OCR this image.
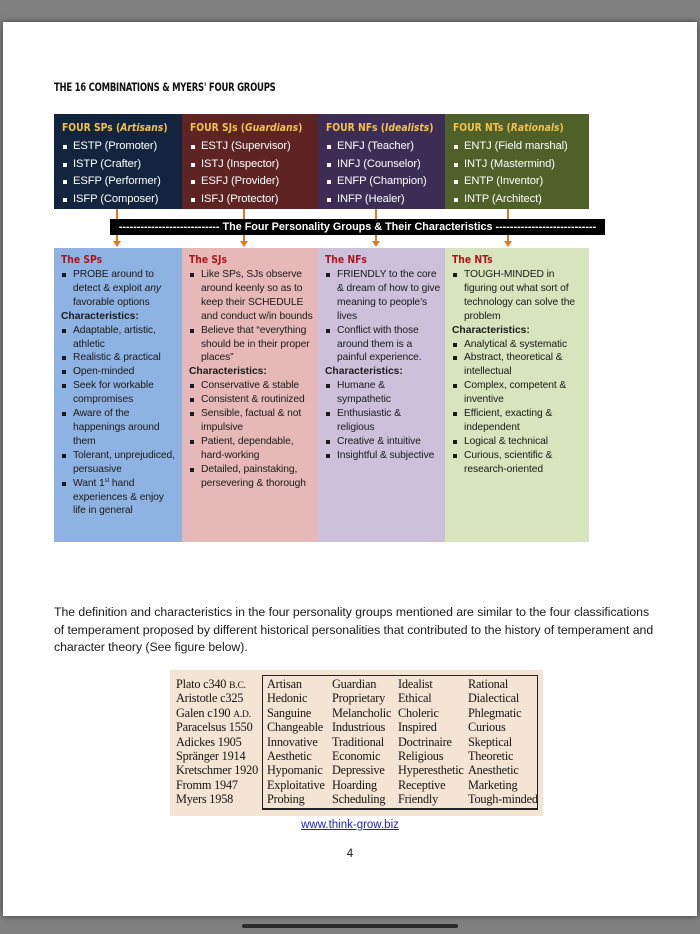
THE 16 COMBINATIONS & MYERS' FOUR GROUPS
FOUR SPs (Artisans)
ESTP (Promoter)
ISTP (Crafter)
ESFP (Performer)
ISFP (Composer)
FOUR SJs (Guardians)
ESTJ (Supervisor)
ISTJ (Inspector)
ESFJ (Provider)
ISFJ (Protector)
FOUR NFs (Idealists)
ENFJ (Teacher)
INFJ (Counselor)
ENFP (Champion)
INFP (Healer)
FOUR NTs (Rationals)
ENTJ (Field marshal)
INTJ (Mastermind)
ENTP (Inventor)
INTP (Architect)
---------------------------- The Four Personality Groups & Their Characteristics ----------------------------
The SPs
PROBE around to detect & exploit any favorable options
Characteristics:
Adaptable, artistic, athletic
Realistic & practical
Open-minded
Seek for workable compromises
Aware of the happenings around them
Tolerant, unprejudiced, persuasive
Want 1st hand experiences & enjoy life in general
The SJs
Like SPs, SJs observe around keenly so as to keep their SCHEDULE and conduct w/in bounds
Believe that “everything should be in their proper places”
Characteristics:
Conservative & stable
Consistent & routinized
Sensible, factual & not impulsive
Patient, dependable, hard-working
Detailed, painstaking, persevering & thorough
The NFs
FRIENDLY to the core & dream of how to give meaning to people’s lives
Conflict with those around them is a painful experience.
Characteristics:
Humane & sympathetic
Enthusiastic & religious
Creative & intuitive
Insightful & subjective
The NTs
TOUGH-MINDED in figuring out what sort of technology can solve the problem
Characteristics:
Analytical & systematic
Abstract, theoretical & intellectual
Complex, competent & inventive
Efficient, exacting & independent
Logical & technical
Curious, scientific & research-oriented

The definition and characteristics in the four personality groups mentioned are similar to the four classifications of temperament proposed by different historical personalities that contributed to the history of temperament and character theory (See figure below).

Plato c340 B.C.
Aristotle c325
Galen c190 A.D.
Paracelsus 1550
Adickes 1905
Spränger 1914
Kretschmer 1920
Fromm 1947
Myers 1958
Artisan
Hedonic
Sanguine
Changeable
Innovative
Aesthetic
Hypomanic
Exploitative
Probing
Guardian
Proprietary
Melancholic
Industrious
Traditional
Economic
Depressive
Hoarding
Scheduling
Idealist
Ethical
Choleric
Inspired
Doctrinaire
Religious
Hyperesthetic
Receptive
Friendly
Rational
Dialectical
Phlegmatic
Curious
Skeptical
Theoretic
Anesthetic
Marketing
Tough-minded
www.think-grow.biz
4
